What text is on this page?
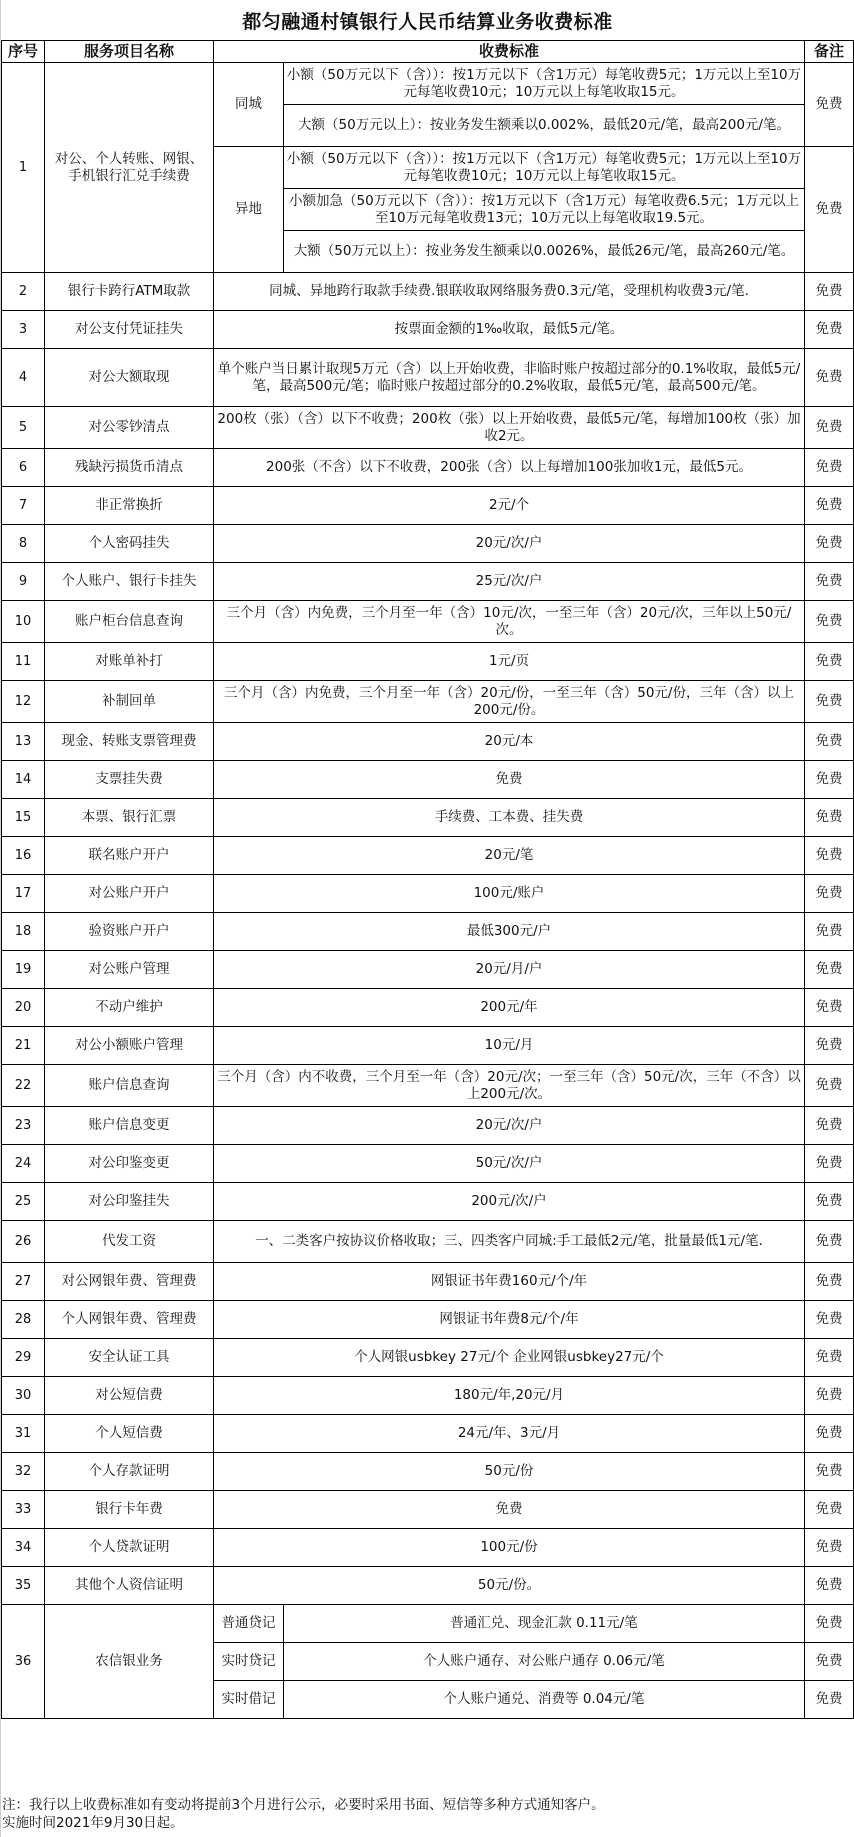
都匀融通村镇银行人民币结算业务收费标准
序号	服务项目名称	收费标准		备注
1	对公、个人转账、网银、手机银行汇兑手续费	同城	小额（50万元以下（含））：按1万元以下（含1万元）每笔收费5元；1万元以上至10万元每笔收费10元；10万元以上每笔收取15元。	免费
			大额（50万元以上）：按业务发生额乘以0.002%，最低20元/笔，最高200元/笔。	
		异地	小额（50万元以下（含））：按1万元以下（含1万元）每笔收费5元；1万元以上至10万元每笔收费10元；10万元以上每笔收取15元。	免费
			小额加急（50万元以下（含））：按1万元以下（含1万元）每笔收费6.5元；1万元以上至10万元每笔收费13元；10万元以上每笔收取19.5元。	
			大额（50万元以上）：按业务发生额乘以0.0026%，最低26元/笔，最高260元/笔。	
2	银行卡跨行ATM取款	同城、异地跨行取款手续费.银联收取网络服务费0.3元/笔，受理机构收费3元/笔.		免费
3	对公支付凭证挂失	按票面金额的1‰收取，最低5元/笔。		免费
4	对公大额取现	单个账户当日累计取现5万元（含）以上开始收费，非临时账户按超过部分的0.1%收取，最低5元/笔，最高500元/笔；临时账户按超过部分的0.2%收取，最低5元/笔，最高500元/笔。		免费
5	对公零钞清点	200枚（张）（含）以下不收费；200枚（张）以上开始收费，最低5元/笔，每增加100枚（张）加收2元。		免费
6	残缺污损货币清点	200张（不含）以下不收费，200张（含）以上每增加100张加收1元，最低5元。		免费
7	非正常换折	2元/个		免费
8	个人密码挂失	20元/次/户		免费
9	个人账户、银行卡挂失	25元/次/户		免费
10	账户柜台信息查询	三个月（含）内免费，三个月至一年（含）10元/次，一至三年（含）20元/次，三年以上50元/次。		免费
11	对账单补打	1元/页		免费
12	补制回单	三个月（含）内免费，三个月至一年（含）20元/份，一至三年（含）50元/份，三年（含）以上200元/份。		免费
13	现金、转账支票管理费	20元/本		免费
14	支票挂失费	免费		免费
15	本票、银行汇票	手续费、工本费、挂失费		免费
16	联名账户开户	20元/笔		免费
17	对公账户开户	100元/账户		免费
18	验资账户开户	最低300元/户		免费
19	对公账户管理	20元/月/户		免费
20	不动户维护	200元/年		免费
21	对公小额账户管理	10元/月		免费
22	账户信息查询	三个月（含）内不收费，三个月至一年（含）20元/次；一至三年（含）50元/次，三年（不含）以上200元/次。		免费
23	账户信息变更	20元/次/户		免费
24	对公印鉴变更	50元/次/户		免费
25	对公印鉴挂失	200元/次/户		免费
26	代发工资	一、二类客户按协议价格收取；三、四类客户同城:手工最低2元/笔，批量最低1元/笔.		免费
27	对公网银年费、管理费	网银证书年费160元/个/年		免费
28	个人网银年费、管理费	网银证书年费8元/个/年		免费
29	安全认证工具	个人网银usbkey 27元/个 企业网银usbkey27元/个		免费
30	对公短信费	180元/年,20元/月		免费
31	个人短信费	24元/年、3元/月		免费
32	个人存款证明	50元/份		免费
33	银行卡年费	免费		免费
34	个人贷款证明	100元/份		免费
35	其他个人资信证明	50元/份。		免费
36	农信银业务	普通贷记	普通汇兑、现金汇款 0.11元/笔	免费
		实时贷记	个人账户通存、对公账户通存 0.06元/笔	免费
		实时借记	个人账户通兑、消费等 0.04元/笔	免费
注：我行以上收费标准如有变动将提前3个月进行公示，必要时采用书面、短信等多种方式通知客户。
实施时间2021年9月30日起。
